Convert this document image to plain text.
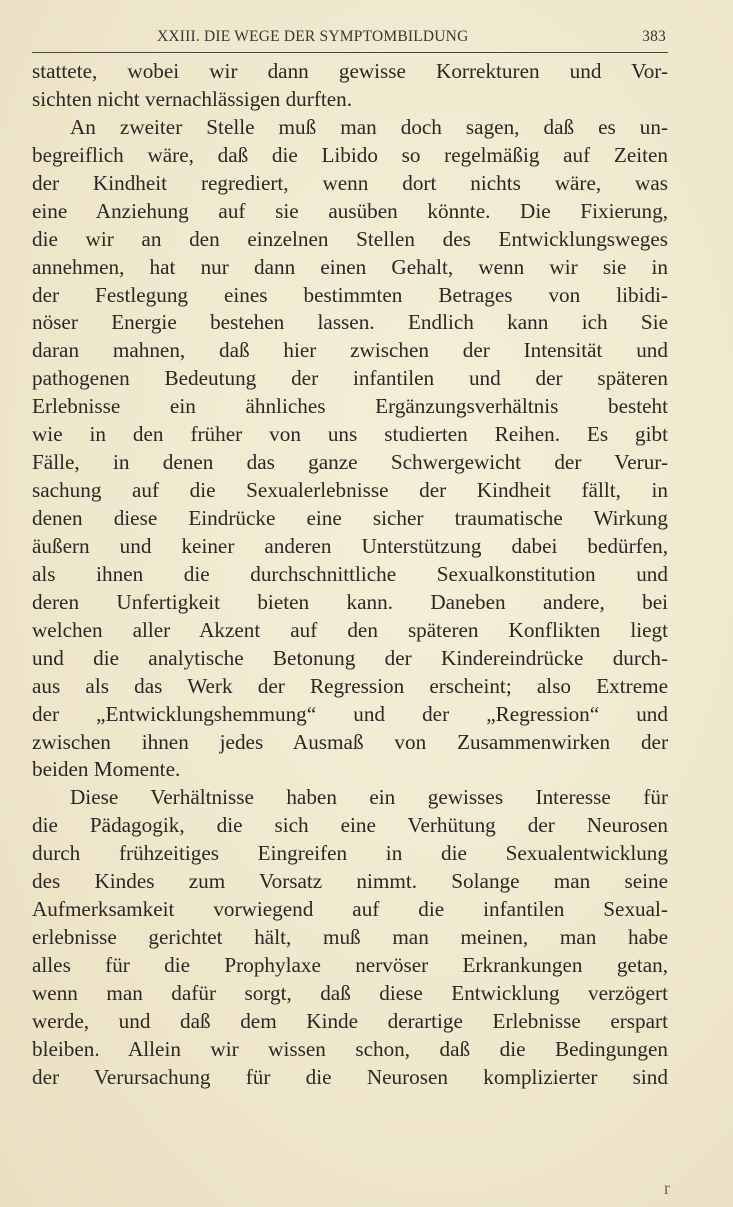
XXIII. DIE WEGE DER SYMPTOMBILDUNG	383
stattete, wobei wir dann gewisse Korrekturen und Vor-
sichten nicht vernachlässigen durften.
An zweiter Stelle muß man doch sagen, daß es un-
begreiflich wäre, daß die Libido so regelmäßig auf Zeiten
der Kindheit regrediert, wenn dort nichts wäre, was
eine Anziehung auf sie ausüben könnte. Die Fixierung,
die wir an den einzelnen Stellen des Entwicklungsweges
annehmen, hat nur dann einen Gehalt, wenn wir sie in
der Festlegung eines bestimmten Betrages von libidi-
nöser Energie bestehen lassen. Endlich kann ich Sie
daran mahnen, daß hier zwischen der Intensität und
pathogenen Bedeutung der infantilen und der späteren
Erlebnisse ein ähnliches Ergänzungsverhältnis besteht
wie in den früher von uns studierten Reihen. Es gibt
Fälle, in denen das ganze Schwergewicht der Verur-
sachung auf die Sexualerlebnisse der Kindheit fällt, in
denen diese Eindrücke eine sicher traumatische Wirkung
äußern und keiner anderen Unterstützung dabei bedürfen,
als ihnen die durchschnittliche Sexualkonstitution und
deren Unfertigkeit bieten kann. Daneben andere, bei
welchen aller Akzent auf den späteren Konflikten liegt
und die analytische Betonung der Kindereindrücke durch-
aus als das Werk der Regression erscheint; also Extreme
der „Entwicklungshemmung“ und der „Regression“ und
zwischen ihnen jedes Ausmaß von Zusammenwirken der
beiden Momente.
Diese Verhältnisse haben ein gewisses Interesse für
die Pädagogik, die sich eine Verhütung der Neurosen
durch frühzeitiges Eingreifen in die Sexualentwicklung
des Kindes zum Vorsatz nimmt. Solange man seine
Aufmerksamkeit vorwiegend auf die infantilen Sexual-
erlebnisse gerichtet hält, muß man meinen, man habe
alles für die Prophylaxe nervöser Erkrankungen getan,
wenn man dafür sorgt, daß diese Entwicklung verzögert
werde, und daß dem Kinde derartige Erlebnisse erspart
bleiben. Allein wir wissen schon, daß die Bedingungen
der Verursachung für die Neurosen komplizierter sind
r
